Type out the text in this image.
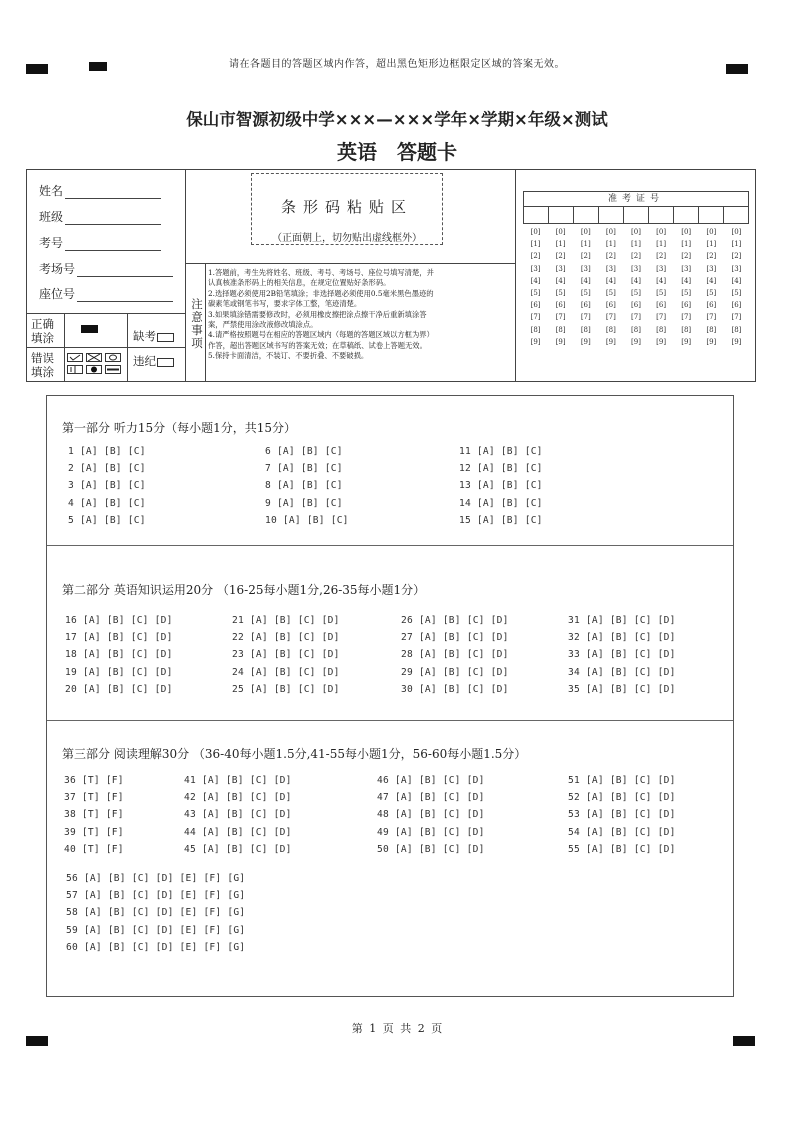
请在各题目的答题区域内作答，超出黑色矩形边框限定区域的答案无效。
保山市智源初级中学×××—×××学年×学期×年级×测试
英语　答题卡
姓名
班级
考号
考场号
座位号
正确填涂
错误填涂
缺考
违纪
条形码粘贴区
（正面朝上，切勿贴出虚线框外）
注意事项
1.答题前，考生先将姓名、班级、考号、考场号、座位号填写清楚，并
认真核准条形码上的相关信息，在规定位置贴好条形码。
2.选择题必须使用2B铅笔填涂；非选择题必须使用0.5毫米黑色墨迹的
碳素笔或钢笔书写，要求字体工整，笔迹清楚。
3.如果填涂错需要修改时，必须用橡皮擦把涂点擦干净后重新填涂答
案，严禁使用涂改液修改填涂点。
4.请严格按照题号在相应的答题区域内（每题的答题区域以方框为界）
作答，超出答题区域书写的答案无效；在草稿纸、试卷上答题无效。
5.保持卡面清洁，不装订、不要折叠、不要破损。
准考证号
[0]	[0]	[0]	[0]	[0]	[0]	[0]	[0]	[0]
[1]	[1]	[1]	[1]	[1]	[1]	[1]	[1]	[1]
[2]	[2]	[2]	[2]	[2]	[2]	[2]	[2]	[2]
[3]	[3]	[3]	[3]	[3]	[3]	[3]	[3]	[3]
[4]	[4]	[4]	[4]	[4]	[4]	[4]	[4]	[4]
[5]	[5]	[5]	[5]	[5]	[5]	[5]	[5]	[5]
[6]	[6]	[6]	[6]	[6]	[6]	[6]	[6]	[6]
[7]	[7]	[7]	[7]	[7]	[7]	[7]	[7]	[7]
[8]	[8]	[8]	[8]	[8]	[8]	[8]	[8]	[8]
[9]	[9]	[9]	[9]	[9]	[9]	[9]	[9]	[9]
第一部分 听力15分（每小题1分，共15分）
第二部分 英语知识运用20分 （16-25每小题1分,26-35每小题1分）
第三部分 阅读理解30分 （36-40每小题1.5分,41-55每小题1分，56-60每小题1.5分）
1 [A] [B] [C]
2 [A] [B] [C]
3 [A] [B] [C]
4 [A] [B] [C]
5 [A] [B] [C]
6 [A] [B] [C]
7 [A] [B] [C]
8 [A] [B] [C]
9 [A] [B] [C]
10 [A] [B] [C]
11 [A] [B] [C]
12 [A] [B] [C]
13 [A] [B] [C]
14 [A] [B] [C]
15 [A] [B] [C]
16 [A] [B] [C] [D]
17 [A] [B] [C] [D]
18 [A] [B] [C] [D]
19 [A] [B] [C] [D]
20 [A] [B] [C] [D]
21 [A] [B] [C] [D]
22 [A] [B] [C] [D]
23 [A] [B] [C] [D]
24 [A] [B] [C] [D]
25 [A] [B] [C] [D]
26 [A] [B] [C] [D]
27 [A] [B] [C] [D]
28 [A] [B] [C] [D]
29 [A] [B] [C] [D]
30 [A] [B] [C] [D]
31 [A] [B] [C] [D]
32 [A] [B] [C] [D]
33 [A] [B] [C] [D]
34 [A] [B] [C] [D]
35 [A] [B] [C] [D]
36 [T] [F]
37 [T] [F]
38 [T] [F]
39 [T] [F]
40 [T] [F]
41 [A] [B] [C] [D]
42 [A] [B] [C] [D]
43 [A] [B] [C] [D]
44 [A] [B] [C] [D]
45 [A] [B] [C] [D]
46 [A] [B] [C] [D]
47 [A] [B] [C] [D]
48 [A] [B] [C] [D]
49 [A] [B] [C] [D]
50 [A] [B] [C] [D]
51 [A] [B] [C] [D]
52 [A] [B] [C] [D]
53 [A] [B] [C] [D]
54 [A] [B] [C] [D]
55 [A] [B] [C] [D]
56 [A] [B] [C] [D] [E] [F] [G]
57 [A] [B] [C] [D] [E] [F] [G]
58 [A] [B] [C] [D] [E] [F] [G]
59 [A] [B] [C] [D] [E] [F] [G]
60 [A] [B] [C] [D] [E] [F] [G]
第 1 页 共 2 页
